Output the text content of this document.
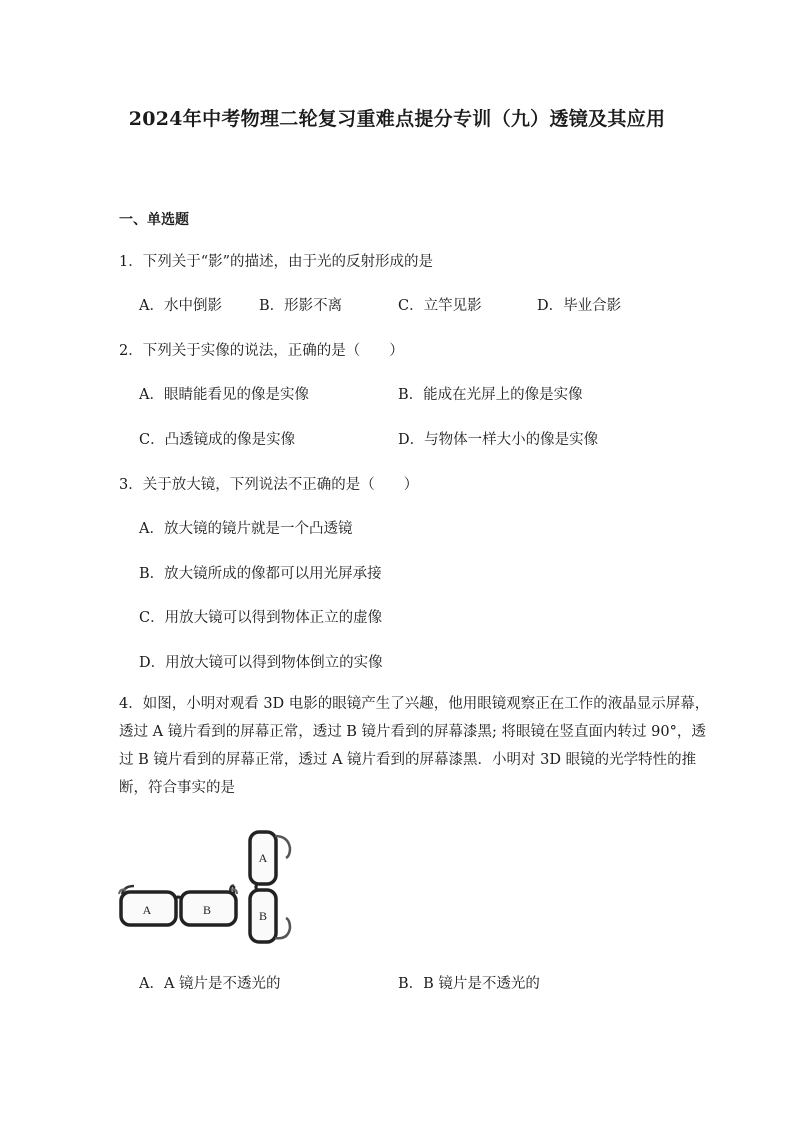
2024年中考物理二轮复习重难点提分专训（九）透镜及其应用
一、单选题
1．下列关于“影”的描述，由于光的反射形成的是
A．水中倒影	B．形影不离	C．立竿见影	D．毕业合影
2．下列关于实像的说法，正确的是（　　）
A．眼睛能看见的像是实像	B．能成在光屏上的像是实像
C．凸透镜成的像是实像	D．与物体一样大小的像是实像
3．关于放大镜，下列说法不正确的是（　　）
A．放大镜的镜片就是一个凸透镜
B．放大镜所成的像都可以用光屏承接
C．用放大镜可以得到物体正立的虚像
D．用放大镜可以得到物体倒立的实像
4．如图，小明对观看 3D 电影的眼镜产生了兴趣，他用眼镜观察正在工作的液晶显示屏幕，
透过 A 镜片看到的屏幕正常，透过 B 镜片看到的屏幕漆黑; 将眼镜在竖直面内转过 90°，透
过 B 镜片看到的屏幕正常，透过 A 镜片看到的屏幕漆黑．小明对 3D 眼镜的光学特性的推
断，符合事实的是
A	B
A
B
A．A 镜片是不透光的	B．B 镜片是不透光的
